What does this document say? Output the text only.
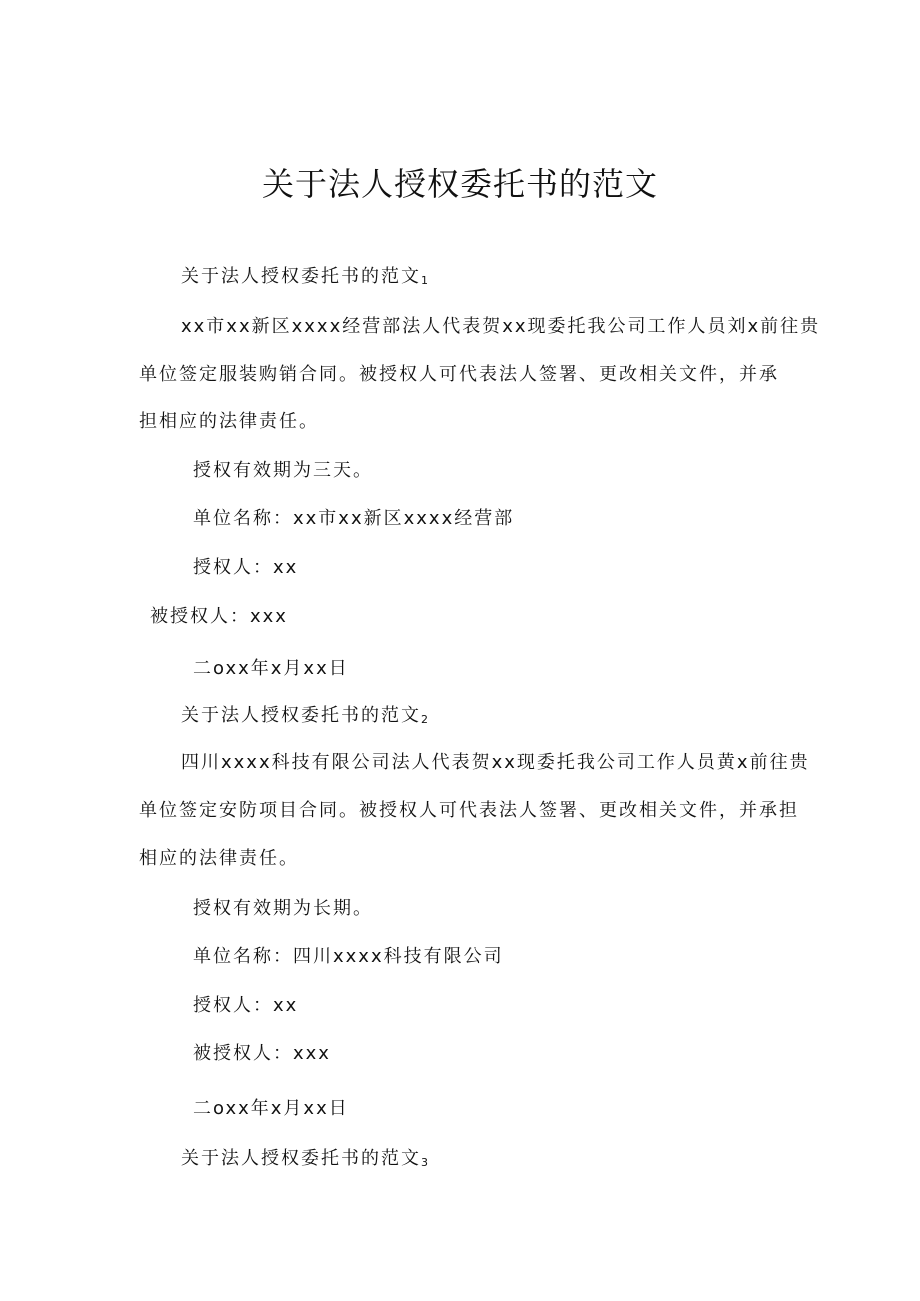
关于法人授权委托书的范文
关于法人授权委托书的范文$_1$
xx市xx新区xxxx经营部法人代表贺xx现委托我公司工作人员刘x前往贵
单位签定服装购销合同。被授权人可代表法人签署、更改相关文件，并承
担相应的法律责任。
授权有效期为三天。
单位名称：xx市xx新区xxxx经营部
授权人：xx
被授权人：xxx
二oxx年x月xx日
关于法人授权委托书的范文$_2$
四川xxxx科技有限公司法人代表贺xx现委托我公司工作人员黄x前往贵
单位签定安防项目合同。被授权人可代表法人签署、更改相关文件，并承担
相应的法律责任。
授权有效期为长期。
单位名称：四川xxxx科技有限公司
授权人：xx
被授权人：xxx
二oxx年x月xx日
关于法人授权委托书的范文$_3$
